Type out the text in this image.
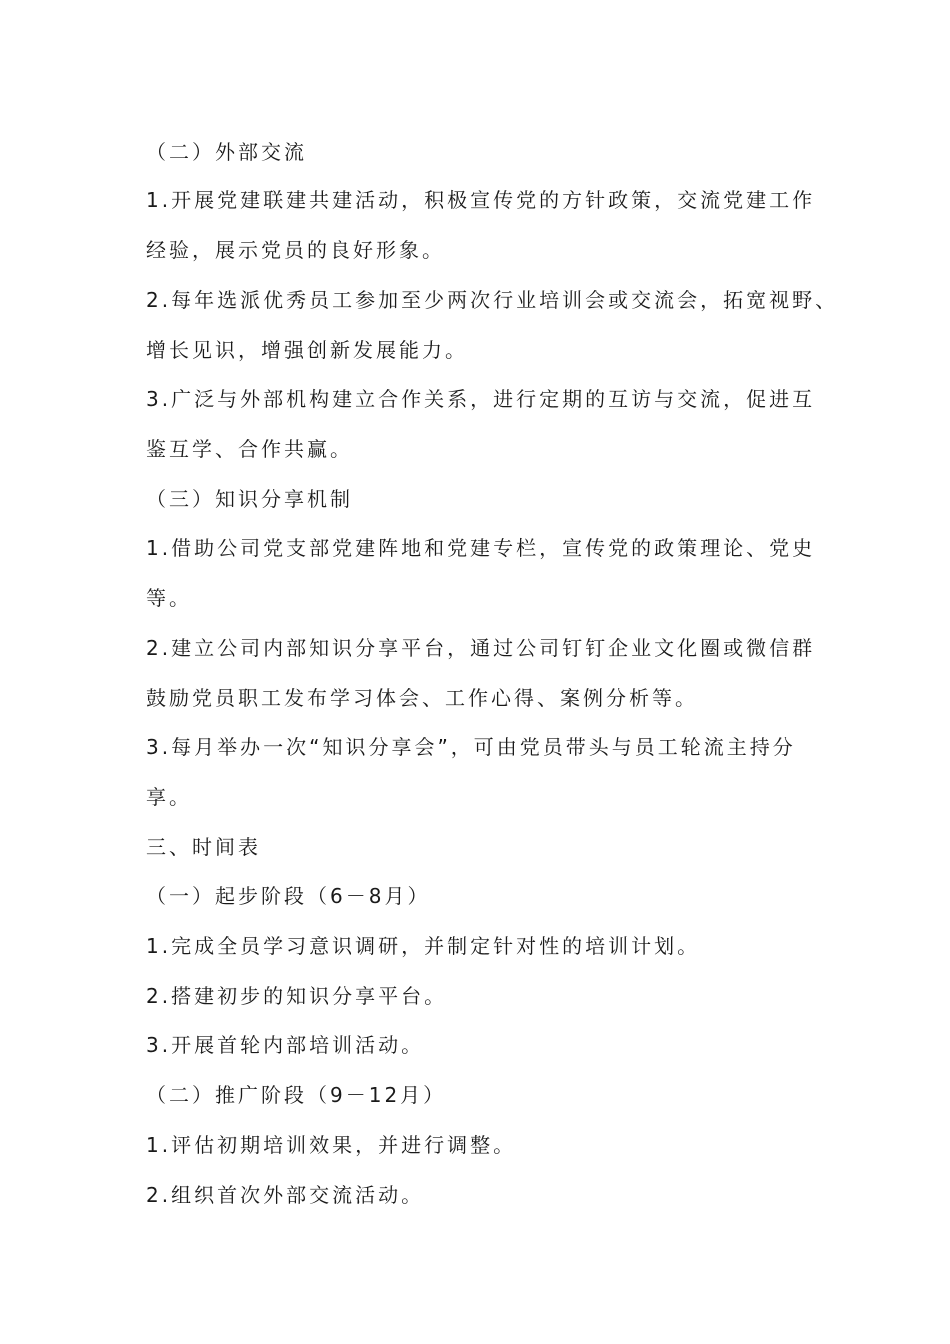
（二）外部交流
1.开展党建联建共建活动，积极宣传党的方针政策，交流党建工作
经验，展示党员的良好形象。
2.每年选派优秀员工参加至少两次行业培训会或交流会，拓宽视野、
增长见识，增强创新发展能力。
3.广泛与外部机构建立合作关系，进行定期的互访与交流，促进互
鉴互学、合作共赢。
（三）知识分享机制
1.借助公司党支部党建阵地和党建专栏，宣传党的政策理论、党史
等。
2.建立公司内部知识分享平台，通过公司钉钉企业文化圈或微信群
鼓励党员职工发布学习体会、工作心得、案例分析等。
3.每月举办一次“知识分享会”，可由党员带头与员工轮流主持分
享。
三、时间表
（一）起步阶段（6－8月）
1.完成全员学习意识调研，并制定针对性的培训计划。
2.搭建初步的知识分享平台。
3.开展首轮内部培训活动。
（二）推广阶段（9－12月）
1.评估初期培训效果，并进行调整。
2.组织首次外部交流活动。
